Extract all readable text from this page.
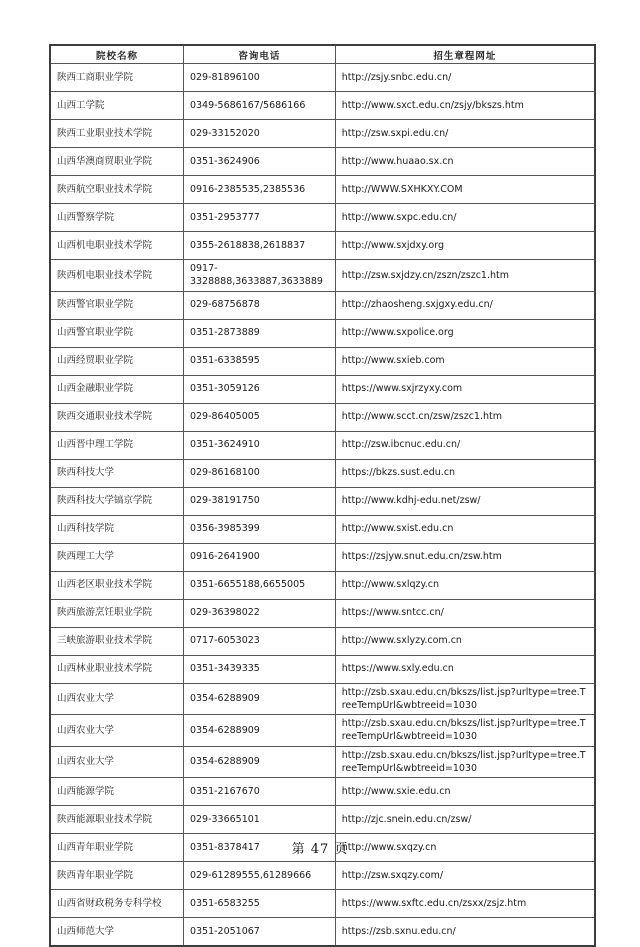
院校名称	咨询电话	招生章程网址
陕西工商职业学院	029-81896100	http://zsjy.snbc.edu.cn/
山西工学院	0349-5686167/5686166	http://www.sxct.edu.cn/zsjy/bkszs.htm
陕西工业职业技术学院	029-33152020	http://zsw.sxpi.edu.cn/
山西华澳商贸职业学院	0351-3624906	http://www.huaao.sx.cn
陕西航空职业技术学院	0916-2385535,2385536	http://WWW.SXHKXY.COM
山西警察学院	0351-2953777	http://www.sxpc.edu.cn/
山西机电职业技术学院	0355-2618838,2618837	http://www.sxjdxy.org
陕西机电职业技术学院	0917-3328888,3633887,3633889	http://zsw.sxjdzy.cn/zszn/zszc1.htm
陕西警官职业学院	029-68756878	http://zhaosheng.sxjgxy.edu.cn/
山西警官职业学院	0351-2873889	http://www.sxpolice.org
山西经贸职业学院	0351-6338595	http://www.sxieb.com
山西金融职业学院	0351-3059126	https://www.sxjrzyxy.com
陕西交通职业技术学院	029-86405005	http://www.scct.cn/zsw/zszc1.htm
山西晋中理工学院	0351-3624910	http://zsw.ibcnuc.edu.cn/
陕西科技大学	029-86168100	https://bkzs.sust.edu.cn
陕西科技大学镐京学院	029-38191750	http://www.kdhj-edu.net/zsw/
山西科技学院	0356-3985399	http://www.sxist.edu.cn
陕西理工大学	0916-2641900	https://zsjyw.snut.edu.cn/zsw.htm
山西老区职业技术学院	0351-6655188,6655005	http://www.sxlqzy.cn
陕西旅游烹饪职业学院	029-36398022	https://www.sntcc.cn/
三峡旅游职业技术学院	0717-6053023	http://www.sxlyzy.com.cn
山西林业职业技术学院	0351-3439335	https://www.sxly.edu.cn
山西农业大学	0354-6288909	http://zsb.sxau.edu.cn/bkszs/list.jsp?urltype=tree.TreeTempUrl&wbtreeid=1030
山西农业大学	0354-6288909	http://zsb.sxau.edu.cn/bkszs/list.jsp?urltype=tree.TreeTempUrl&wbtreeid=1030
山西农业大学	0354-6288909	http://zsb.sxau.edu.cn/bkszs/list.jsp?urltype=tree.TreeTempUrl&wbtreeid=1030
山西能源学院	0351-2167670	http://www.sxie.edu.cn
陕西能源职业技术学院	029-33665101	http://zjc.snein.edu.cn/zsw/
山西青年职业学院	0351-8378417	http://www.sxqzy.cn
陕西青年职业学院	029-61289555,61289666	http://zsw.sxqzy.com/
山西省财政税务专科学校	0351-6583255	https://www.sxftc.edu.cn/zsxx/zsjz.htm
山西师范大学	0351-2051067	https://zsb.sxnu.edu.cn/
第 47 页
